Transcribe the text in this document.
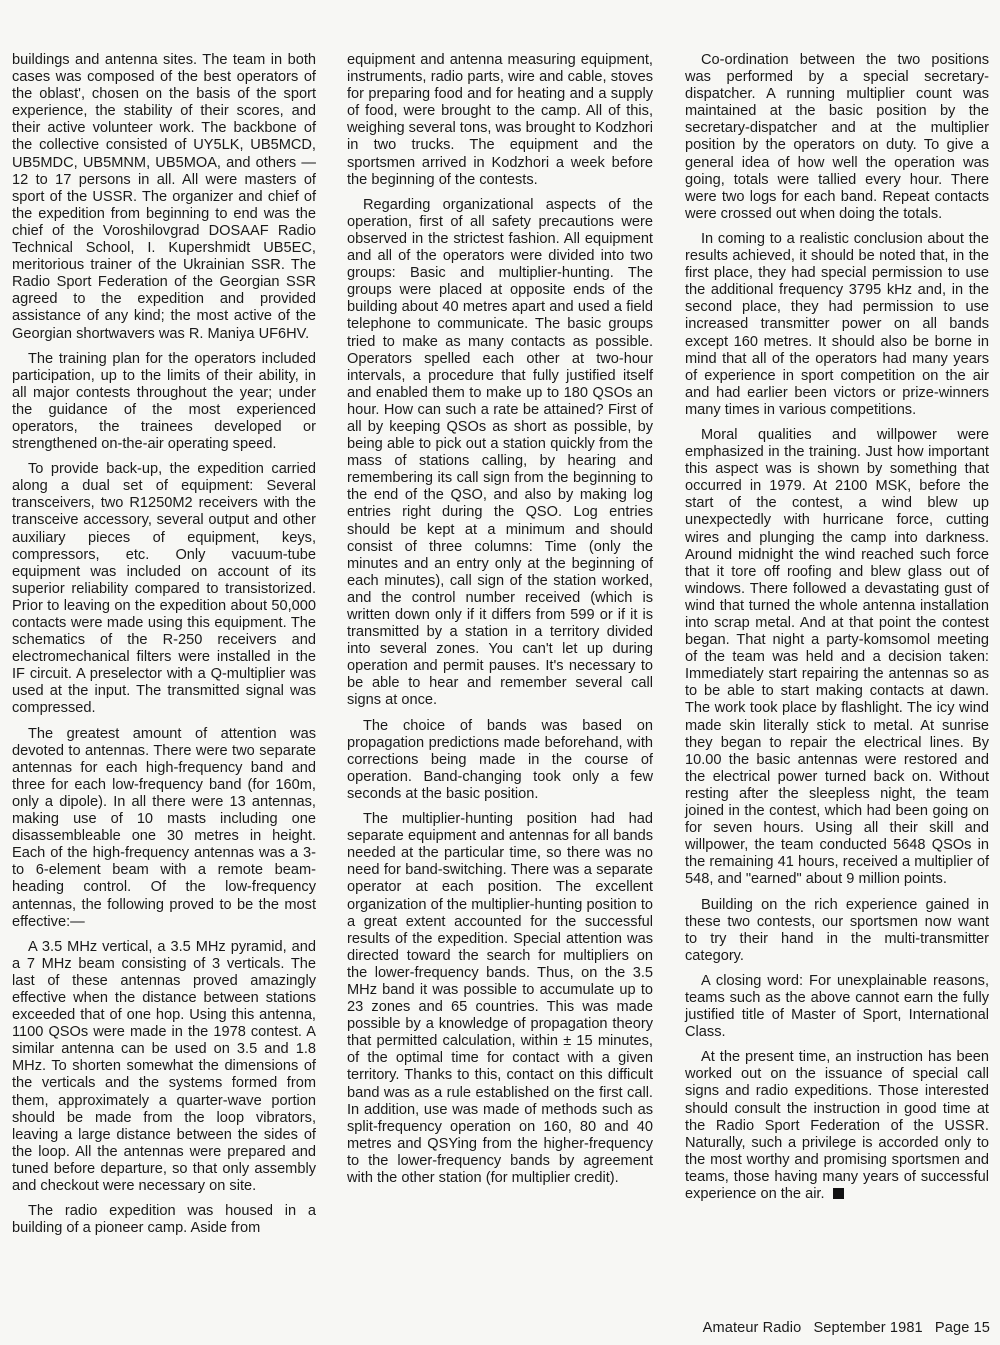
buildings and antenna sites. The team in both cases was composed of the best operators of the oblast', chosen on the basis of the sport experience, the stability of their scores, and their active volunteer work. The backbone of the collective consisted of UY5LK, UB5MCD, UB5MDC, UB5MNM, UB5MOA, and others — 12 to 17 persons in all. All were masters of sport of the USSR. The organizer and chief of the expedition from beginning to end was the chief of the Voroshilovgrad DOSAAF Radio Technical School, I. Kupershmidt UB5EC, meritorious trainer of the Ukrainian SSR. The Radio Sport Federation of the Georgian SSR agreed to the expedition and provided assistance of any kind; the most active of the Georgian shortwavers was R. Maniya UF6HV.

The training plan for the operators included participation, up to the limits of their ability, in all major contests throughout the year; under the guidance of the most experienced operators, the trainees developed or strengthened on-the-air operating speed.

To provide back-up, the expedition carried along a dual set of equipment: Several transceivers, two R1250M2 receivers with the transceive accessory, several output and other auxiliary pieces of equipment, keys, compressors, etc. Only vacuum-tube equipment was included on account of its superior reliability compared to transistorized. Prior to leaving on the expedition about 50,000 contacts were made using this equipment. The schematics of the R-250 receivers and electromechanical filters were installed in the IF circuit. A preselector with a Q-multiplier was used at the input. The transmitted signal was compressed.

The greatest amount of attention was devoted to antennas. There were two separate antennas for each high-frequency band and three for each low-frequency band (for 160m, only a dipole). In all there were 13 antennas, making use of 10 masts including one disassembleable one 30 metres in height. Each of the high-frequency antennas was a 3- to 6-element beam with a remote beam-heading control. Of the low-frequency antennas, the following proved to be the most effective:—

A 3.5 MHz vertical, a 3.5 MHz pyramid, and a 7 MHz beam consisting of 3 verticals. The last of these antennas proved amazingly effective when the distance between stations exceeded that of one hop. Using this antenna, 1100 QSOs were made in the 1978 contest. A similar antenna can be used on 3.5 and 1.8 MHz. To shorten somewhat the dimensions of the verticals and the systems formed from them, approximately a quarter-wave portion should be made from the loop vibrators, leaving a large distance between the sides of the loop. All the antennas were prepared and tuned before departure, so that only assembly and checkout were necessary on site.

The radio expedition was housed in a building of a pioneer camp. Aside from

equipment and antenna measuring equipment, instruments, radio parts, wire and cable, stoves for preparing food and for heating and a supply of food, were brought to the camp. All of this, weighing several tons, was brought to Kodzhori in two trucks. The equipment and the sportsmen arrived in Kodzhori a week before the beginning of the contests.

Regarding organizational aspects of the operation, first of all safety precautions were observed in the strictest fashion. All equipment and all of the operators were divided into two groups: Basic and multiplier-hunting. The groups were placed at opposite ends of the building about 40 metres apart and used a field telephone to communicate. The basic groups tried to make as many contacts as possible. Operators spelled each other at two-hour intervals, a procedure that fully justified itself and enabled them to make up to 180 QSOs an hour. How can such a rate be attained? First of all by keeping QSOs as short as possible, by being able to pick out a station quickly from the mass of stations calling, by hearing and remembering its call sign from the beginning to the end of the QSO, and also by making log entries right during the QSO. Log entries should be kept at a minimum and should consist of three columns: Time (only the minutes and an entry only at the beginning of each minutes), call sign of the station worked, and the control number received (which is written down only if it differs from 599 or if it is transmitted by a station in a territory divided into several zones. You can't let up during operation and permit pauses. It's necessary to be able to hear and remember several call signs at once.

The choice of bands was based on propagation predictions made beforehand, with corrections being made in the course of operation. Band-changing took only a few seconds at the basic position.

The multiplier-hunting position had had separate equipment and antennas for all bands needed at the particular time, so there was no need for band-switching. There was a separate operator at each position. The excellent organization of the multiplier-hunting position to a great extent accounted for the successful results of the expedition. Special attention was directed toward the search for multipliers on the lower-frequency bands. Thus, on the 3.5 MHz band it was possible to accumulate up to 23 zones and 65 countries. This was made possible by a knowledge of propagation theory that permitted calculation, within ± 15 minutes, of the optimal time for contact with a given territory. Thanks to this, contact on this difficult band was as a rule established on the first call. In addition, use was made of methods such as split-frequency operation on 160, 80 and 40 metres and QSYing from the higher-frequency to the lower-frequency bands by agreement with the other station (for multiplier credit).

Co-ordination between the two positions was performed by a special secretary-dispatcher. A running multiplier count was maintained at the basic position by the secretary-dispatcher and at the multiplier position by the operators on duty. To give a general idea of how well the operation was going, totals were tallied every hour. There were two logs for each band. Repeat contacts were crossed out when doing the totals.

In coming to a realistic conclusion about the results achieved, it should be noted that, in the first place, they had special permission to use the additional frequency 3795 kHz and, in the second place, they had permission to use increased transmitter power on all bands except 160 metres. It should also be borne in mind that all of the operators had many years of experience in sport competition on the air and had earlier been victors or prize-winners many times in various competitions.

Moral qualities and willpower were emphasized in the training. Just how important this aspect was is shown by something that occurred in 1979. At 2100 MSK, before the start of the contest, a wind blew up unexpectedly with hurricane force, cutting wires and plunging the camp into darkness. Around midnight the wind reached such force that it tore off roofing and blew glass out of windows. There followed a devastating gust of wind that turned the whole antenna installation into scrap metal. And at that point the contest began. That night a party-komsomol meeting of the team was held and a decision taken: Immediately start repairing the antennas so as to be able to start making contacts at dawn. The work took place by flashlight. The icy wind made skin literally stick to metal. At sunrise they began to repair the electrical lines. By 10.00 the basic antennas were restored and the electrical power turned back on. Without resting after the sleepless night, the team joined in the contest, which had been going on for seven hours. Using all their skill and willpower, the team conducted 5648 QSOs in the remaining 41 hours, received a multiplier of 548, and "earned" about 9 million points.

Building on the rich experience gained in these two contests, our sportsmen now want to try their hand in the multi-transmitter category.

A closing word: For unexplainable reasons, teams such as the above cannot earn the fully justified title of Master of Sport, International Class.

At the present time, an instruction has been worked out on the issuance of special call signs and radio expeditions. Those interested should consult the instruction in good time at the Radio Sport Federation of the USSR. Naturally, such a privilege is accorded only to the most worthy and promising sportsmen and teams, those having many years of successful experience on the air.

Amateur Radio September 1981 Page 15
